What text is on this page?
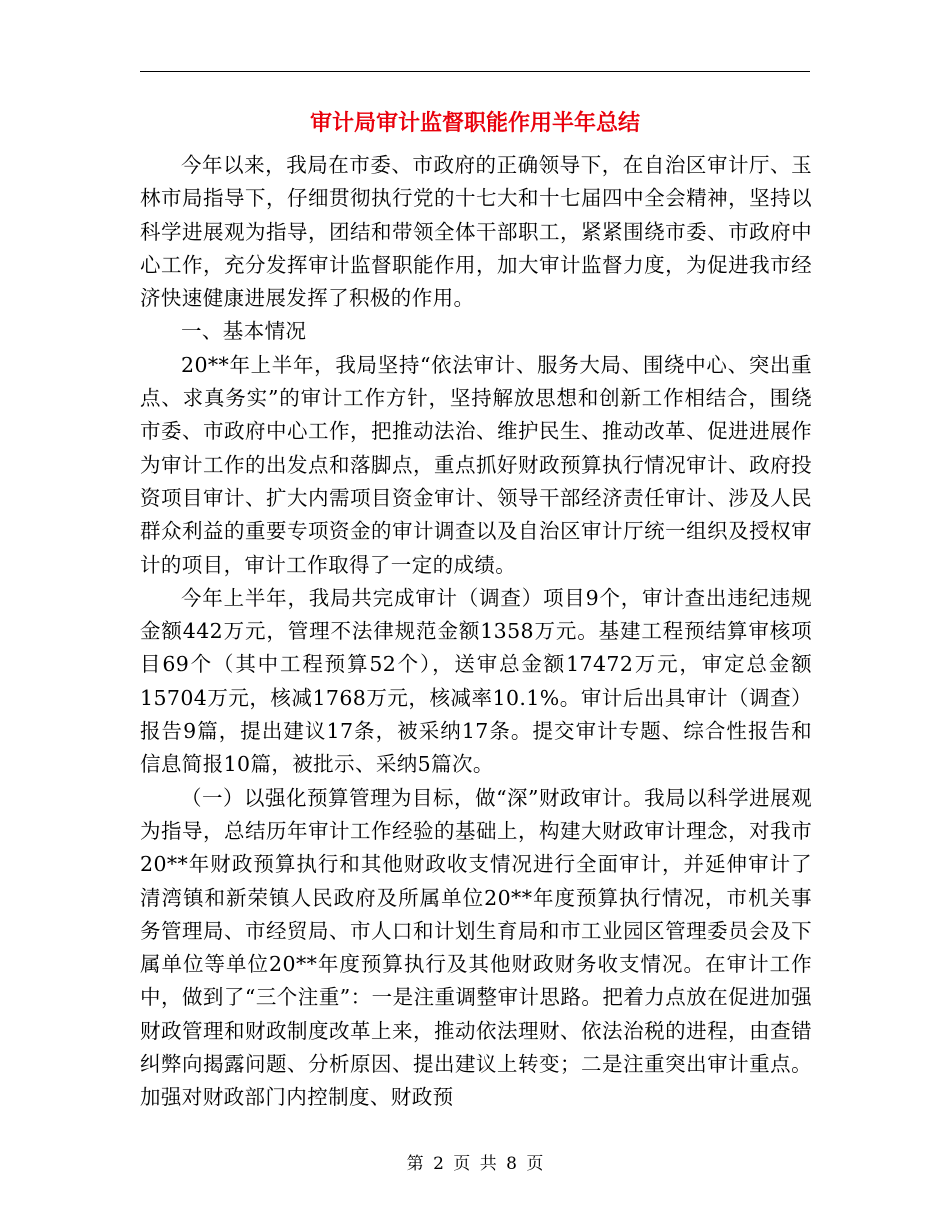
审计局审计监督职能作用半年总结

今年以来，我局在市委、市政府的正确领导下，在自治区审计厅、玉林市局指导下，仔细贯彻执行党的十七大和十七届四中全会精神，坚持以科学进展观为指导，团结和带领全体干部职工，紧紧围绕市委、市政府中心工作，充分发挥审计监督职能作用，加大审计监督力度，为促进我市经济快速健康进展发挥了积极的作用。

一、基本情况

20**年上半年，我局坚持“依法审计、服务大局、围绕中心、突出重点、求真务实”的审计工作方针，坚持解放思想和创新工作相结合，围绕市委、市政府中心工作，把推动法治、维护民生、推动改革、促进进展作为审计工作的出发点和落脚点，重点抓好财政预算执行情况审计、政府投资项目审计、扩大内需项目资金审计、领导干部经济责任审计、涉及人民群众利益的重要专项资金的审计调查以及自治区审计厅统一组织及授权审计的项目，审计工作取得了一定的成绩。

今年上半年，我局共完成审计（调查）项目9个，审计查出违纪违规金额442万元，管理不法律规范金额1358万元。基建工程预结算审核项目69个（其中工程预算52个），送审总金额17472万元，审定总金额15704万元，核减1768万元，核减率10.1%。审计后出具审计（调查）报告9篇，提出建议17条，被采纳17条。提交审计专题、综合性报告和信息简报10篇，被批示、采纳5篇次。

（一）以强化预算管理为目标，做“深”财政审计。我局以科学进展观为指导，总结历年审计工作经验的基础上，构建大财政审计理念，对我市20**年财政预算执行和其他财政收支情况进行全面审计，并延伸审计了清湾镇和新荣镇人民政府及所属单位20**年度预算执行情况，市机关事务管理局、市经贸局、市人口和计划生育局和市工业园区管理委员会及下属单位等单位20**年度预算执行及其他财政财务收支情况。在审计工作中，做到了“三个注重”：一是注重调整审计思路。把着力点放在促进加强财政管理和财政制度改革上来，推动依法理财、依法治税的进程，由查错纠弊向揭露问题、分析原因、提出建议上转变；二是注重突出审计重点。加强对财政部门内控制度、财政预

第 2 页 共 8 页
